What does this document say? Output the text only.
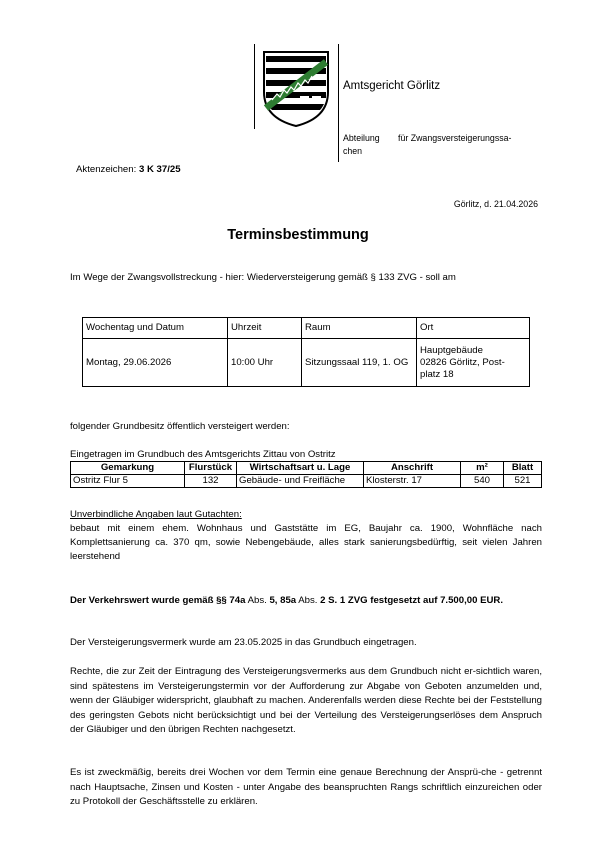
Amtsgericht Görlitz
Abteilung für Zwangsversteigerungssa-
chen
Aktenzeichen: 3 K 37/25
Görlitz, d. 21.04.2026
Terminsbestimmung
Im Wege der Zwangsvollstreckung - hier: Wiederversteigerung gemäß § 133 ZVG - soll am
Wochentag und Datum	Uhrzeit	Raum	Ort
Montag, 29.06.2026	10:00 Uhr	Sitzungssaal 119, 1. OG	Hauptgebäude
02826 Görlitz, Post-
platz 18
folgender Grundbesitz öffentlich versteigert werden:
Eingetragen im Grundbuch des Amtsgerichts Zittau von Ostritz
Gemarkung	Flurstück	Wirtschaftsart u. Lage	Anschrift	m²	Blatt
Ostritz Flur 5	132	Gebäude- und Freifläche	Klosterstr. 17	540	521
Unverbindliche Angaben laut Gutachten:
bebaut mit einem ehem. Wohnhaus und Gaststätte im EG, Baujahr ca. 1900, Wohnfläche nach Komplettsanierung ca. 370 qm, sowie Nebengebäude, alles stark sanierungsbedürftig, seit vielen Jahren leerstehend
Der Verkehrswert wurde gemäß §§ 74a Abs. 5, 85a Abs. 2 S. 1 ZVG festgesetzt auf 7.500,00 EUR.
Der Versteigerungsvermerk wurde am 23.05.2025 in das Grundbuch eingetragen.
Rechte, die zur Zeit der Eintragung des Versteigerungsvermerks aus dem Grundbuch nicht er-sichtlich waren, sind spätestens im Versteigerungstermin vor der Aufforderung zur Abgabe von Geboten anzumelden und, wenn der Gläubiger widerspricht, glaubhaft zu machen. Anderenfalls werden diese Rechte bei der Feststellung des geringsten Gebots nicht berücksichtigt und bei der Verteilung des Versteigerungserlöses dem Anspruch der Gläubiger und den übrigen Rechten nachgesetzt.
Es ist zweckmäßig, bereits drei Wochen vor dem Termin eine genaue Berechnung der Ansprü-che - getrennt nach Hauptsache, Zinsen und Kosten - unter Angabe des beanspruchten Rangs schriftlich einzureichen oder zu Protokoll der Geschäftsstelle zu erklären.
